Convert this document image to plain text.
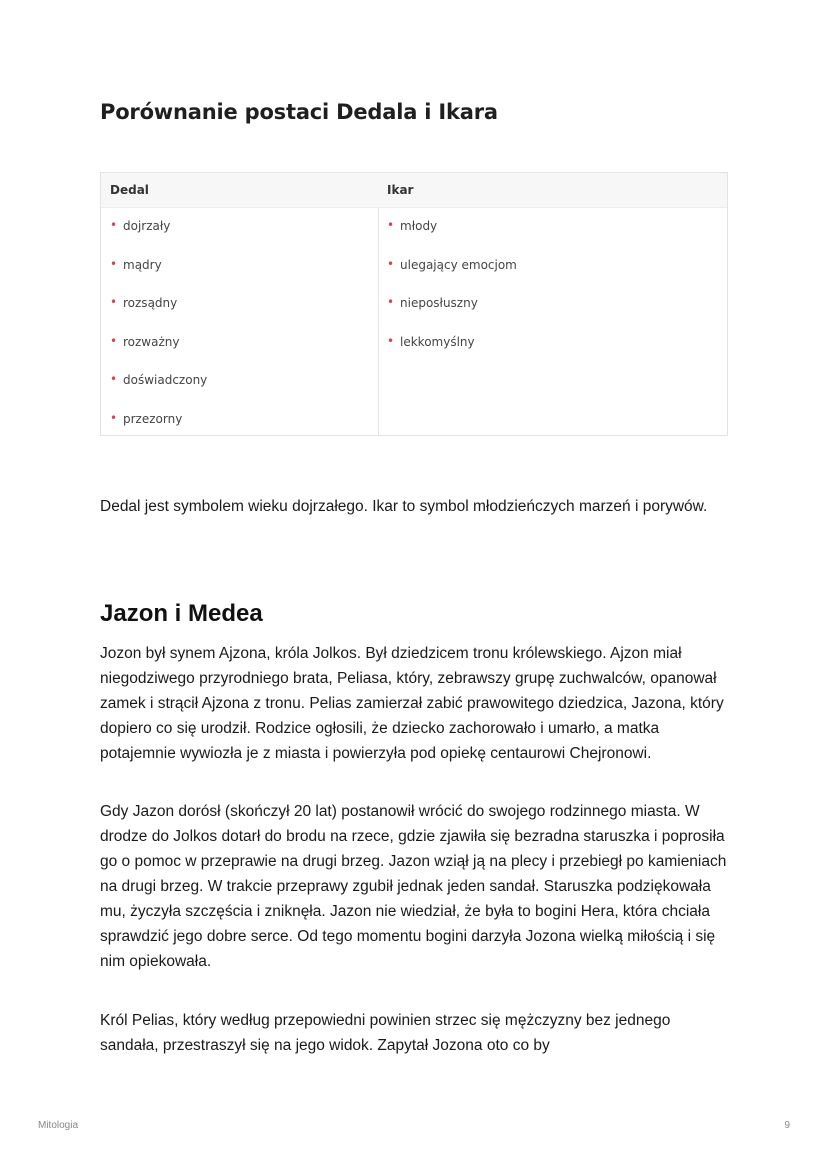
Porównanie postaci Dedala i Ikara
Dedal
• dojrzały
• mądry
• rozsądny
• rozważny
• doświadczony
• przezorny
Ikar
• młody
• ulegający emocjom
• nieposłuszny
• lekkomyślny

Dedal jest symbolem wieku dojrzałego. Ikar to symbol młodzieńczych marzeń i porywów.

Jazon i Medea

Jozon był synem Ajzona, króla Jolkos. Był dziedzicem tronu królewskiego. Ajzon miał niegodziwego przyrodniego brata, Peliasa, który, zebrawszy grupę zuchwalców, opanował zamek i strącił Ajzona z tronu. Pelias zamierzał zabić prawowitego dziedzica, Jazona, który dopiero co się urodził. Rodzice ogłosili, że dziecko zachorowało i umarło, a matka potajemnie wywiozła je z miasta i powierzyła pod opiekę centaurowi Chejronowi.

Gdy Jazon dorósł (skończył 20 lat) postanowił wrócić do swojego rodzinnego miasta. W drodze do Jolkos dotarł do brodu na rzece, gdzie zjawiła się bezradna staruszka i poprosiła go o pomoc w przeprawie na drugi brzeg. Jazon wziął ją na plecy i przebiegł po kamieniach na drugi brzeg. W trakcie przeprawy zgubił jednak jeden sandał. Staruszka podziękowała mu, życzyła szczęścia i zniknęła. Jazon nie wiedział, że była to bogini Hera, która chciała sprawdzić jego dobre serce. Od tego momentu bogini darzyła Jozona wielką miłością i się nim opiekowała.

Król Pelias, który według przepowiedni powinien strzec się mężczyzny bez jednego sandała, przestraszył się na jego widok. Zapytał Jozona oto co by

Mitologia	9
